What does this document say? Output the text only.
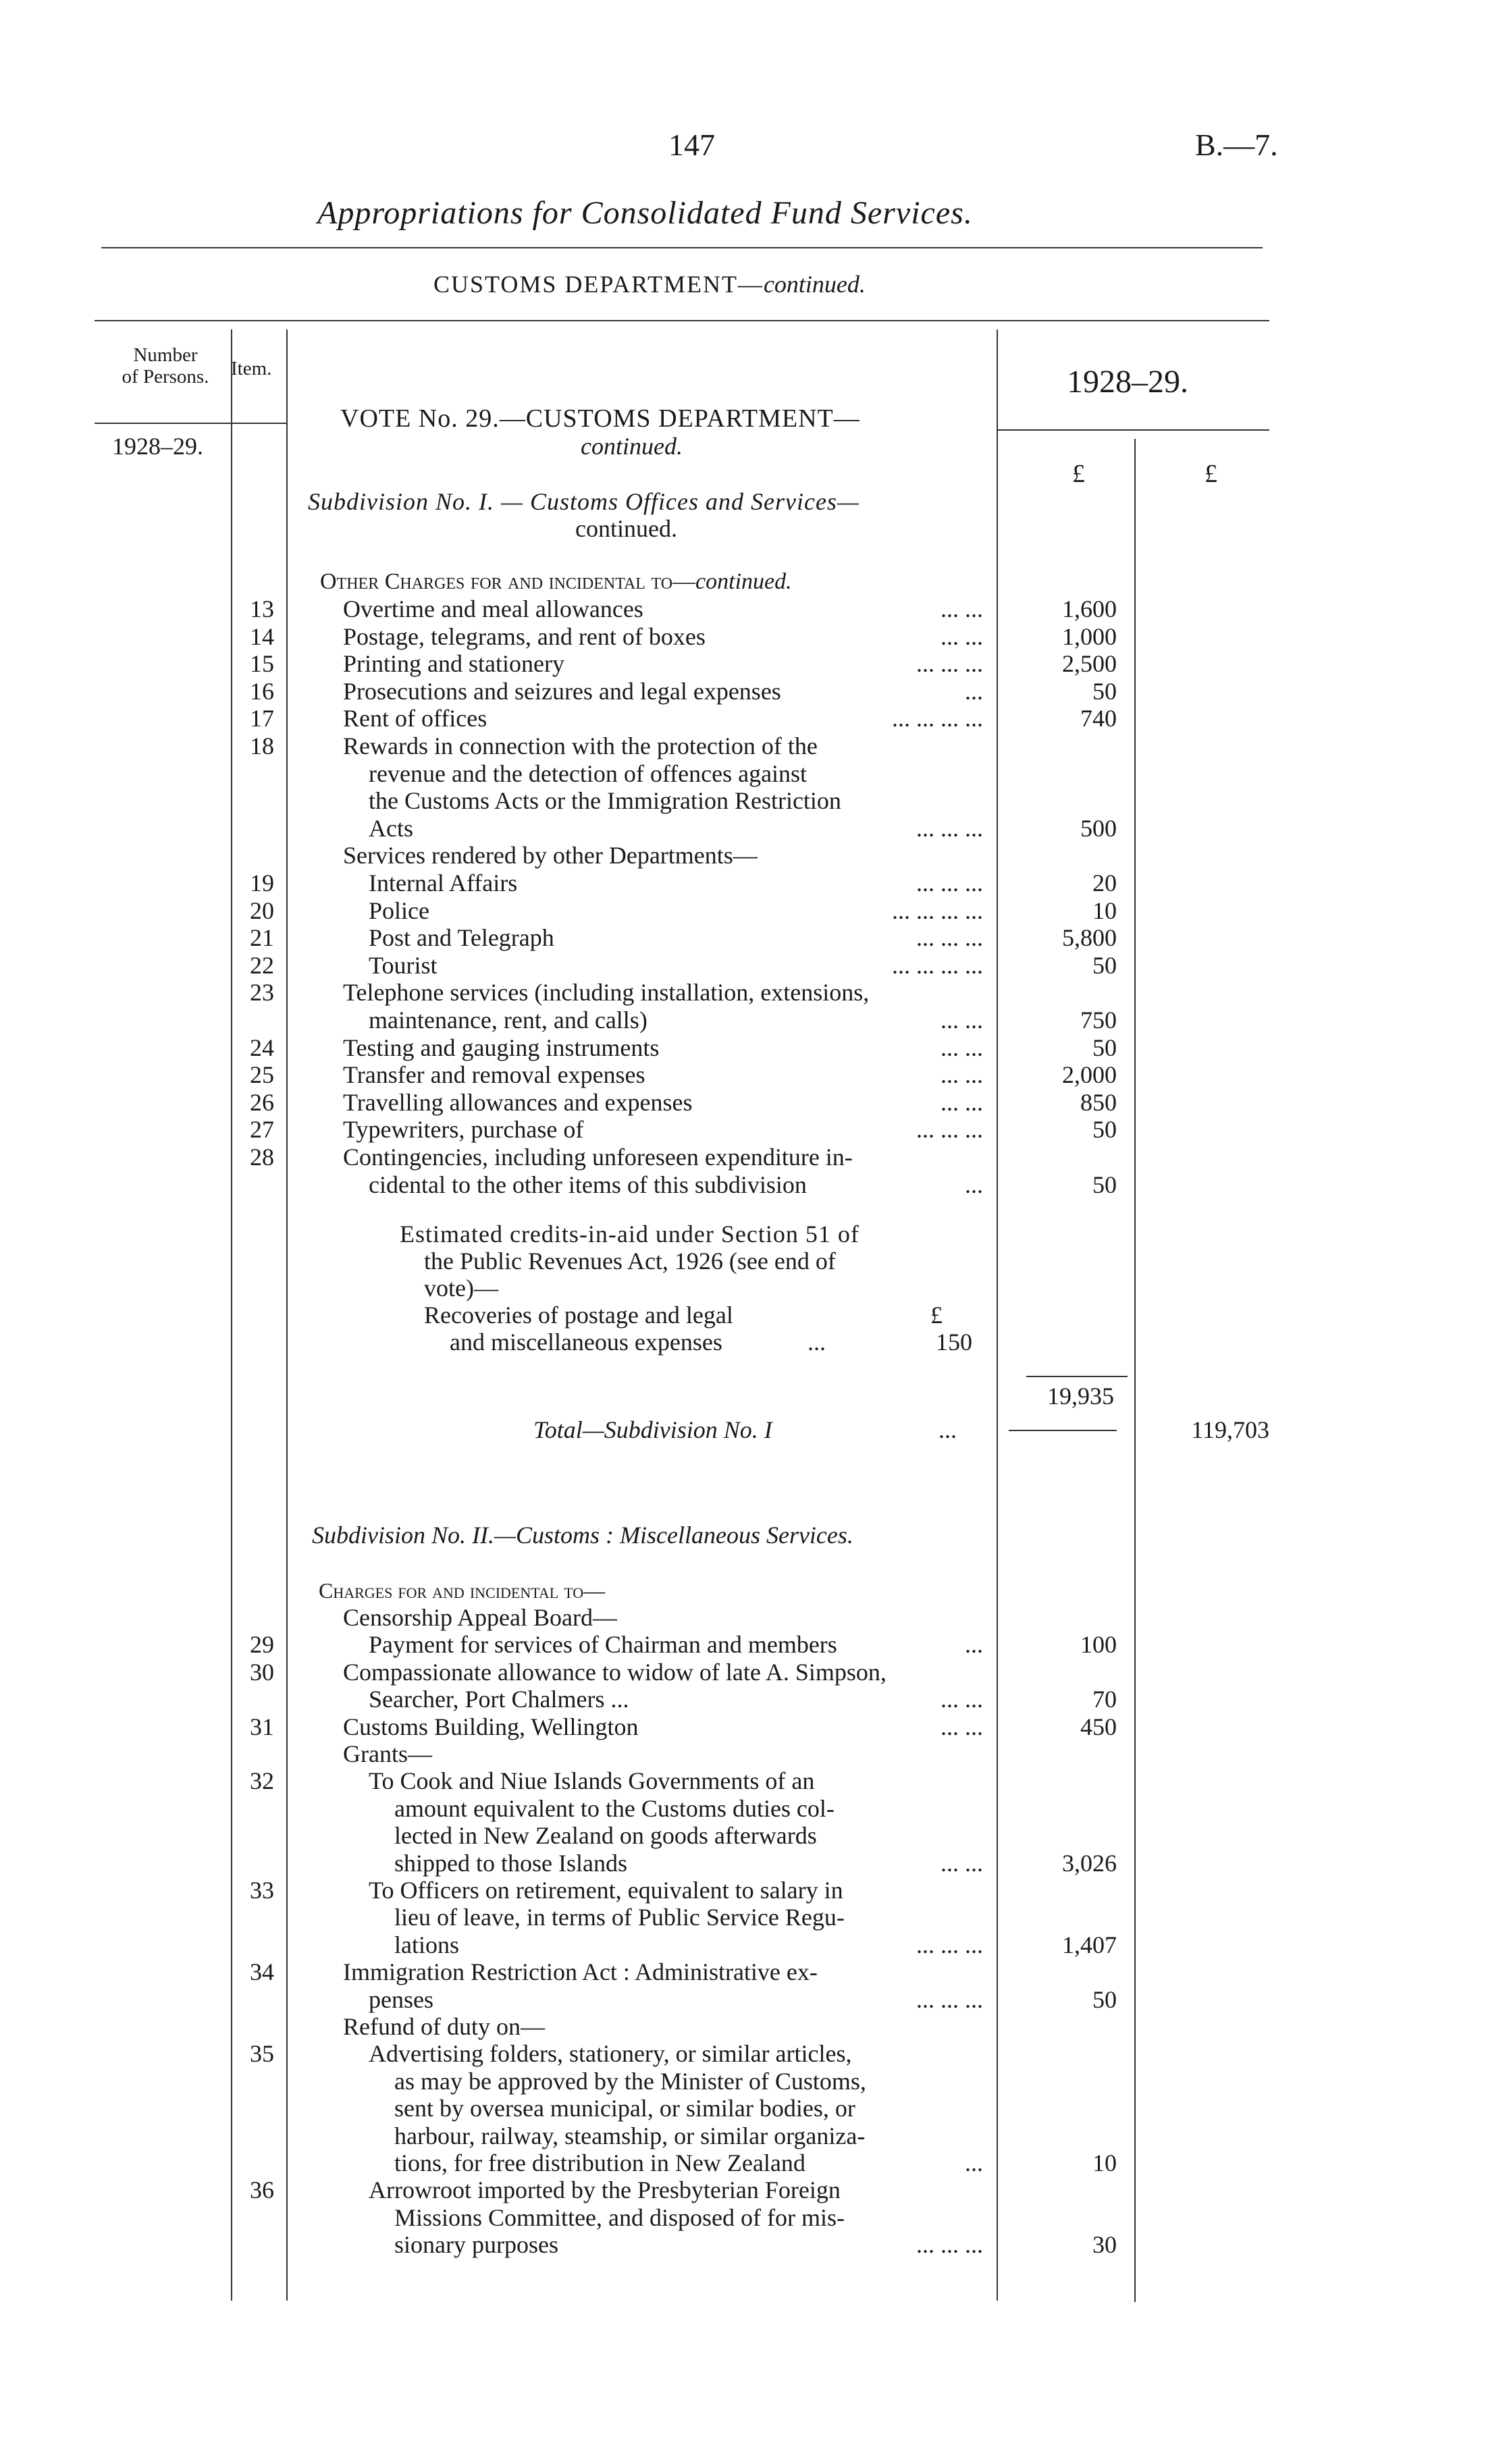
147	B.—7.
Appropriations for Consolidated Fund Services.
CUSTOMS DEPARTMENT—continued.
Number
of Persons.	Item.
1928–29.
1928–29.
£	£
VOTE No. 29.—CUSTOMS DEPARTMENT—
continued.
Subdivision No. I. — Customs Offices and Services—
continued.
Other Charges for and incidental to—continued.
13	Overtime and meal allowances	... ...	1,600
14	Postage, telegrams, and rent of boxes	... ...	1,000
15	Printing and stationery	... ... ...	2,500
16	Prosecutions and seizures and legal expenses	...	50
17	Rent of offices	... ... ... ...	740
18	Rewards in connection with the protection of the
revenue and the detection of offences against
the Customs Acts or the Immigration Restriction
Acts	... ... ...	500
Services rendered by other Departments—
19	Internal Affairs	... ... ...	20
20	Police	... ... ... ...	10
21	Post and Telegraph	... ... ...	5,800
22	Tourist	... ... ... ...	50
23	Telephone services (including installation, extensions,
maintenance, rent, and calls)	... ...	750
24	Testing and gauging instruments	... ...	50
25	Transfer and removal expenses	... ...	2,000
26	Travelling allowances and expenses	... ...	850
27	Typewriters, purchase of	... ... ...	50
28	Contingencies, including unforeseen expenditure in-
cidental to the other items of this subdivision	...	50
Estimated credits-in-aid under Section 51 of
the Public Revenues Act, 1926 (see end of
vote)—
Recoveries of postage and legal	£
and miscellaneous expenses	...	150
19,935
Total—Subdivision No. I	...	119,703
Subdivision No. II.—Customs : Miscellaneous Services.
Charges for and incidental to—
Censorship Appeal Board—
29	Payment for services of Chairman and members	...	100
30	Compassionate allowance to widow of late A. Simpson,
Searcher, Port Chalmers ...	... ...	70
31	Customs Building, Wellington	... ...	450
Grants—
32	To Cook and Niue Islands Governments of an
amount equivalent to the Customs duties col-
lected in New Zealand on goods afterwards
shipped to those Islands	... ...	3,026
33	To Officers on retirement, equivalent to salary in
lieu of leave, in terms of Public Service Regu-
lations	... ... ...	1,407
34	Immigration Restriction Act : Administrative ex-
penses	... ... ...	50
Refund of duty on—
35	Advertising folders, stationery, or similar articles,
as may be approved by the Minister of Customs,
sent by oversea municipal, or similar bodies, or
harbour, railway, steamship, or similar organiza-
tions, for free distribution in New Zealand	...	10
36	Arrowroot imported by the Presbyterian Foreign
Missions Committee, and disposed of for mis-
sionary purposes	... ... ...	30
